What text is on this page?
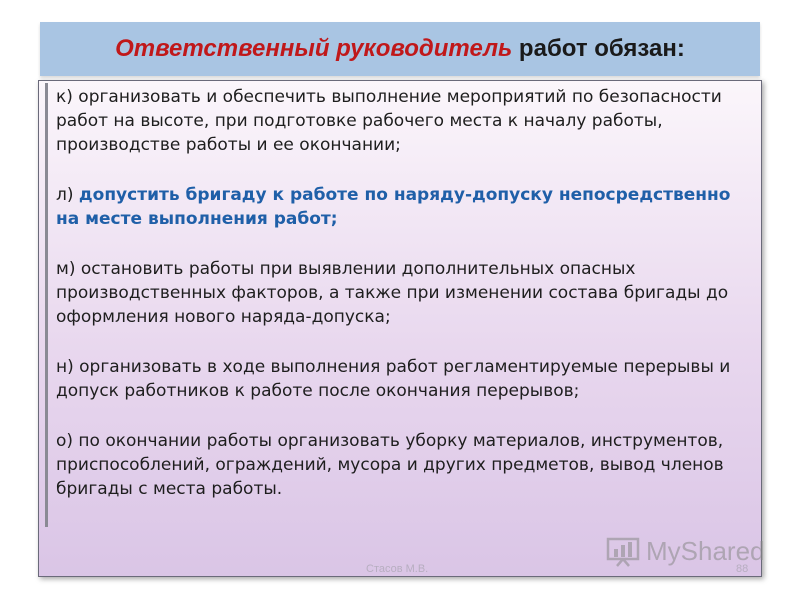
Ответственный руководитель работ обязан:

к) организовать и обеспечить выполнение мероприятий по безопасности работ на высоте, при подготовке рабочего места к началу работы, производстве работы и ее окончании;

л) допустить бригаду к работе по наряду-допуску непосредственно на месте выполнения работ;

м) остановить работы при выявлении дополнительных опасных производственных факторов, а также при изменении состава бригады до оформления нового наряда-допуска;

н) организовать в ходе выполнения работ регламентируемые перерывы и допуск работников к работе после окончания перерывов;

о) по окончании работы организовать уборку материалов, инструментов, приспособлений, ограждений, мусора и других предметов, вывод членов бригады с места работы.

Стасов М.В.	88
MyShared
